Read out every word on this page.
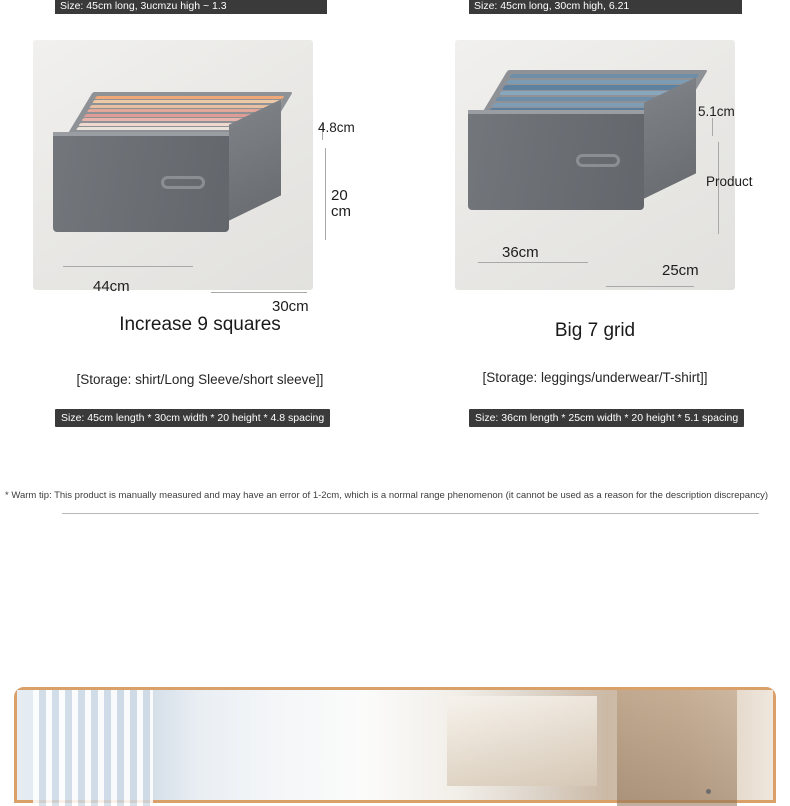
Size: 45cm long, 3ucmzu high ~ 1.3	Size: 45cm long, 30cm high, 6.21
4.8cm
20 cm
44cm
30cm
Increase 9 squares
[Storage: shirt/Long Sleeve/short sleeve]]
Size: 45cm length * 30cm width * 20 height * 4.8 spacing
5.1cm
Product
36cm
25cm
Big 7 grid
[Storage: leggings/underwear/T-shirt]]
Size: 36cm length * 25cm width * 20 height * 5.1 spacing
* Warm tip: This product is manually measured and may have an error of 1-2cm, which is a normal range phenomenon (it cannot be used as a reason for the description discrepancy)
